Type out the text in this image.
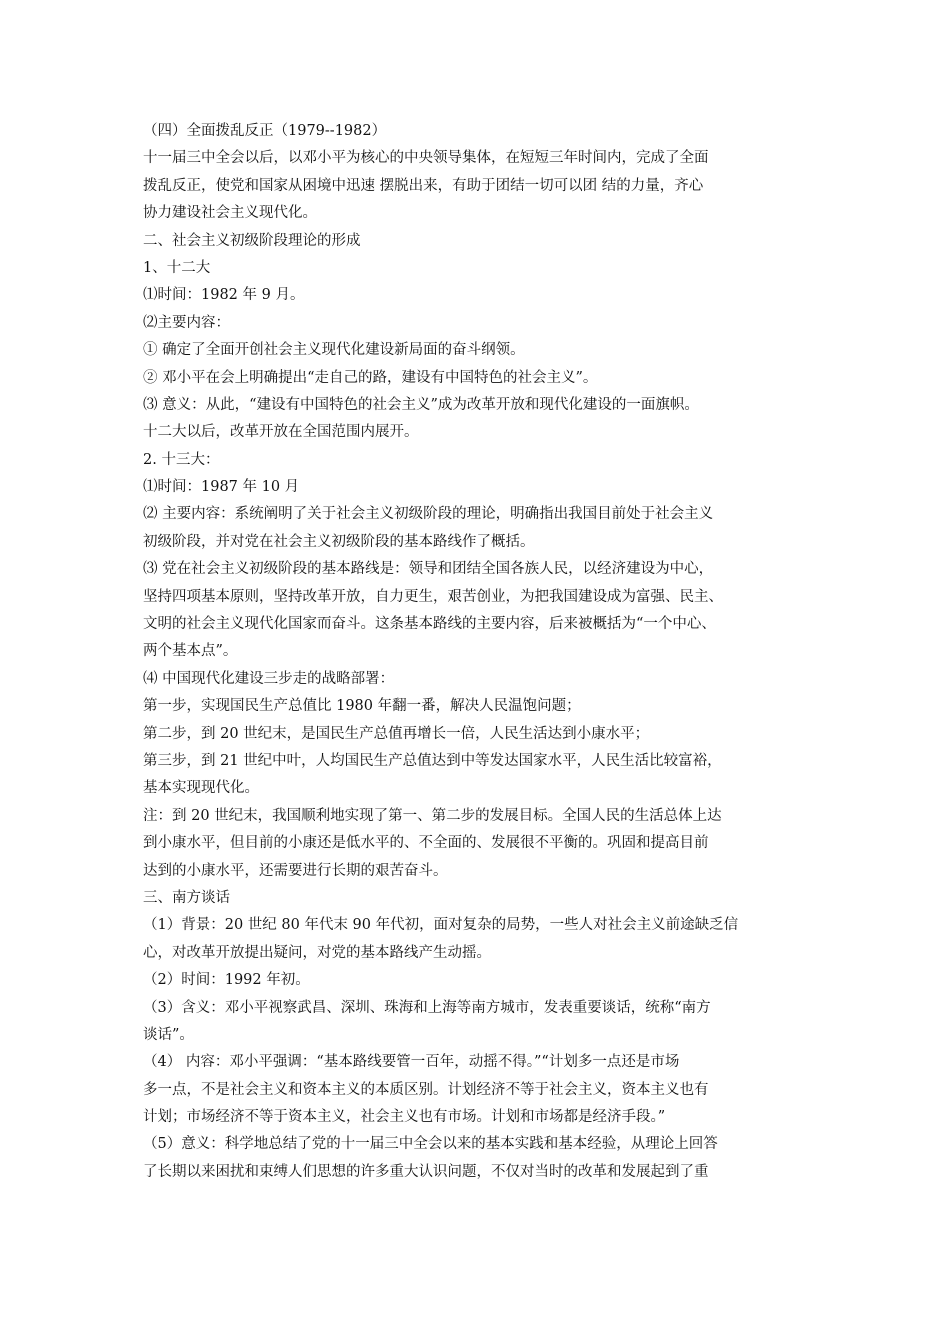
（四）全面拨乱反正（1979--1982）
十一届三中全会以后，以邓小平为核心的中央领导集体，在短短三年时间内，完成了全面
拨乱反正，使党和国家从困境中迅速 摆脱出来，有助于团结一切可以团 结的力量，齐心
协力建设社会主义现代化。
二、社会主义初级阶段理论的形成
1、十二大
⑴时间：1982 年 9 月。
⑵主要内容：
① 确定了全面开创社会主义现代化建设新局面的奋斗纲领。
② 邓小平在会上明确提出“走自己的路，建设有中国特色的社会主义”。
⑶ 意义：从此，“建设有中国特色的社会主义”成为改革开放和现代化建设的一面旗帜。
十二大以后，改革开放在全国范围内展开。
2. 十三大：
⑴时间：1987 年 10 月
⑵ 主要内容：系统阐明了关于社会主义初级阶段的理论，明确指出我国目前处于社会主义
初级阶段，并对党在社会主义初级阶段的基本路线作了概括。
⑶ 党在社会主义初级阶段的基本路线是：领导和团结全国各族人民，以经济建设为中心，
坚持四项基本原则，坚持改革开放，自力更生，艰苦创业，为把我国建设成为富强、民主、
文明的社会主义现代化国家而奋斗。这条基本路线的主要内容，后来被概括为“一个中心、
两个基本点”。
⑷ 中国现代化建设三步走的战略部署：
第一步，实现国民生产总值比 1980 年翻一番，解决人民温饱问题；
第二步，到 20 世纪末，是国民生产总值再增长一倍，人民生活达到小康水平；
第三步，到 21 世纪中叶，人均国民生产总值达到中等发达国家水平，人民生活比较富裕，
基本实现现代化。
注：到 20 世纪末，我国顺利地实现了第一、第二步的发展目标。全国人民的生活总体上达
到小康水平，但目前的小康还是低水平的、不全面的、发展很不平衡的。巩固和提高目前
达到的小康水平，还需要进行长期的艰苦奋斗。
三、南方谈话
（1）背景：20 世纪 80 年代末 90 年代初，面对复杂的局势，一些人对社会主义前途缺乏信
心，对改革开放提出疑问，对党的基本路线产生动摇。
（2）时间：1992 年初。
（3）含义：邓小平视察武昌、深圳、珠海和上海等南方城市，发表重要谈话，统称“南方
谈话”。
（4） 内容：邓小平强调：“基本路线要管一百年，动摇不得。”“计划多一点还是市场
多一点，不是社会主义和资本主义的本质区别。计划经济不等于社会主义，资本主义也有
计划；市场经济不等于资本主义，社会主义也有市场。计划和市场都是经济手段。”
（5）意义：科学地总结了党的十一届三中全会以来的基本实践和基本经验，从理论上回答
了长期以来困扰和束缚人们思想的许多重大认识问题，不仅对当时的改革和发展起到了重
